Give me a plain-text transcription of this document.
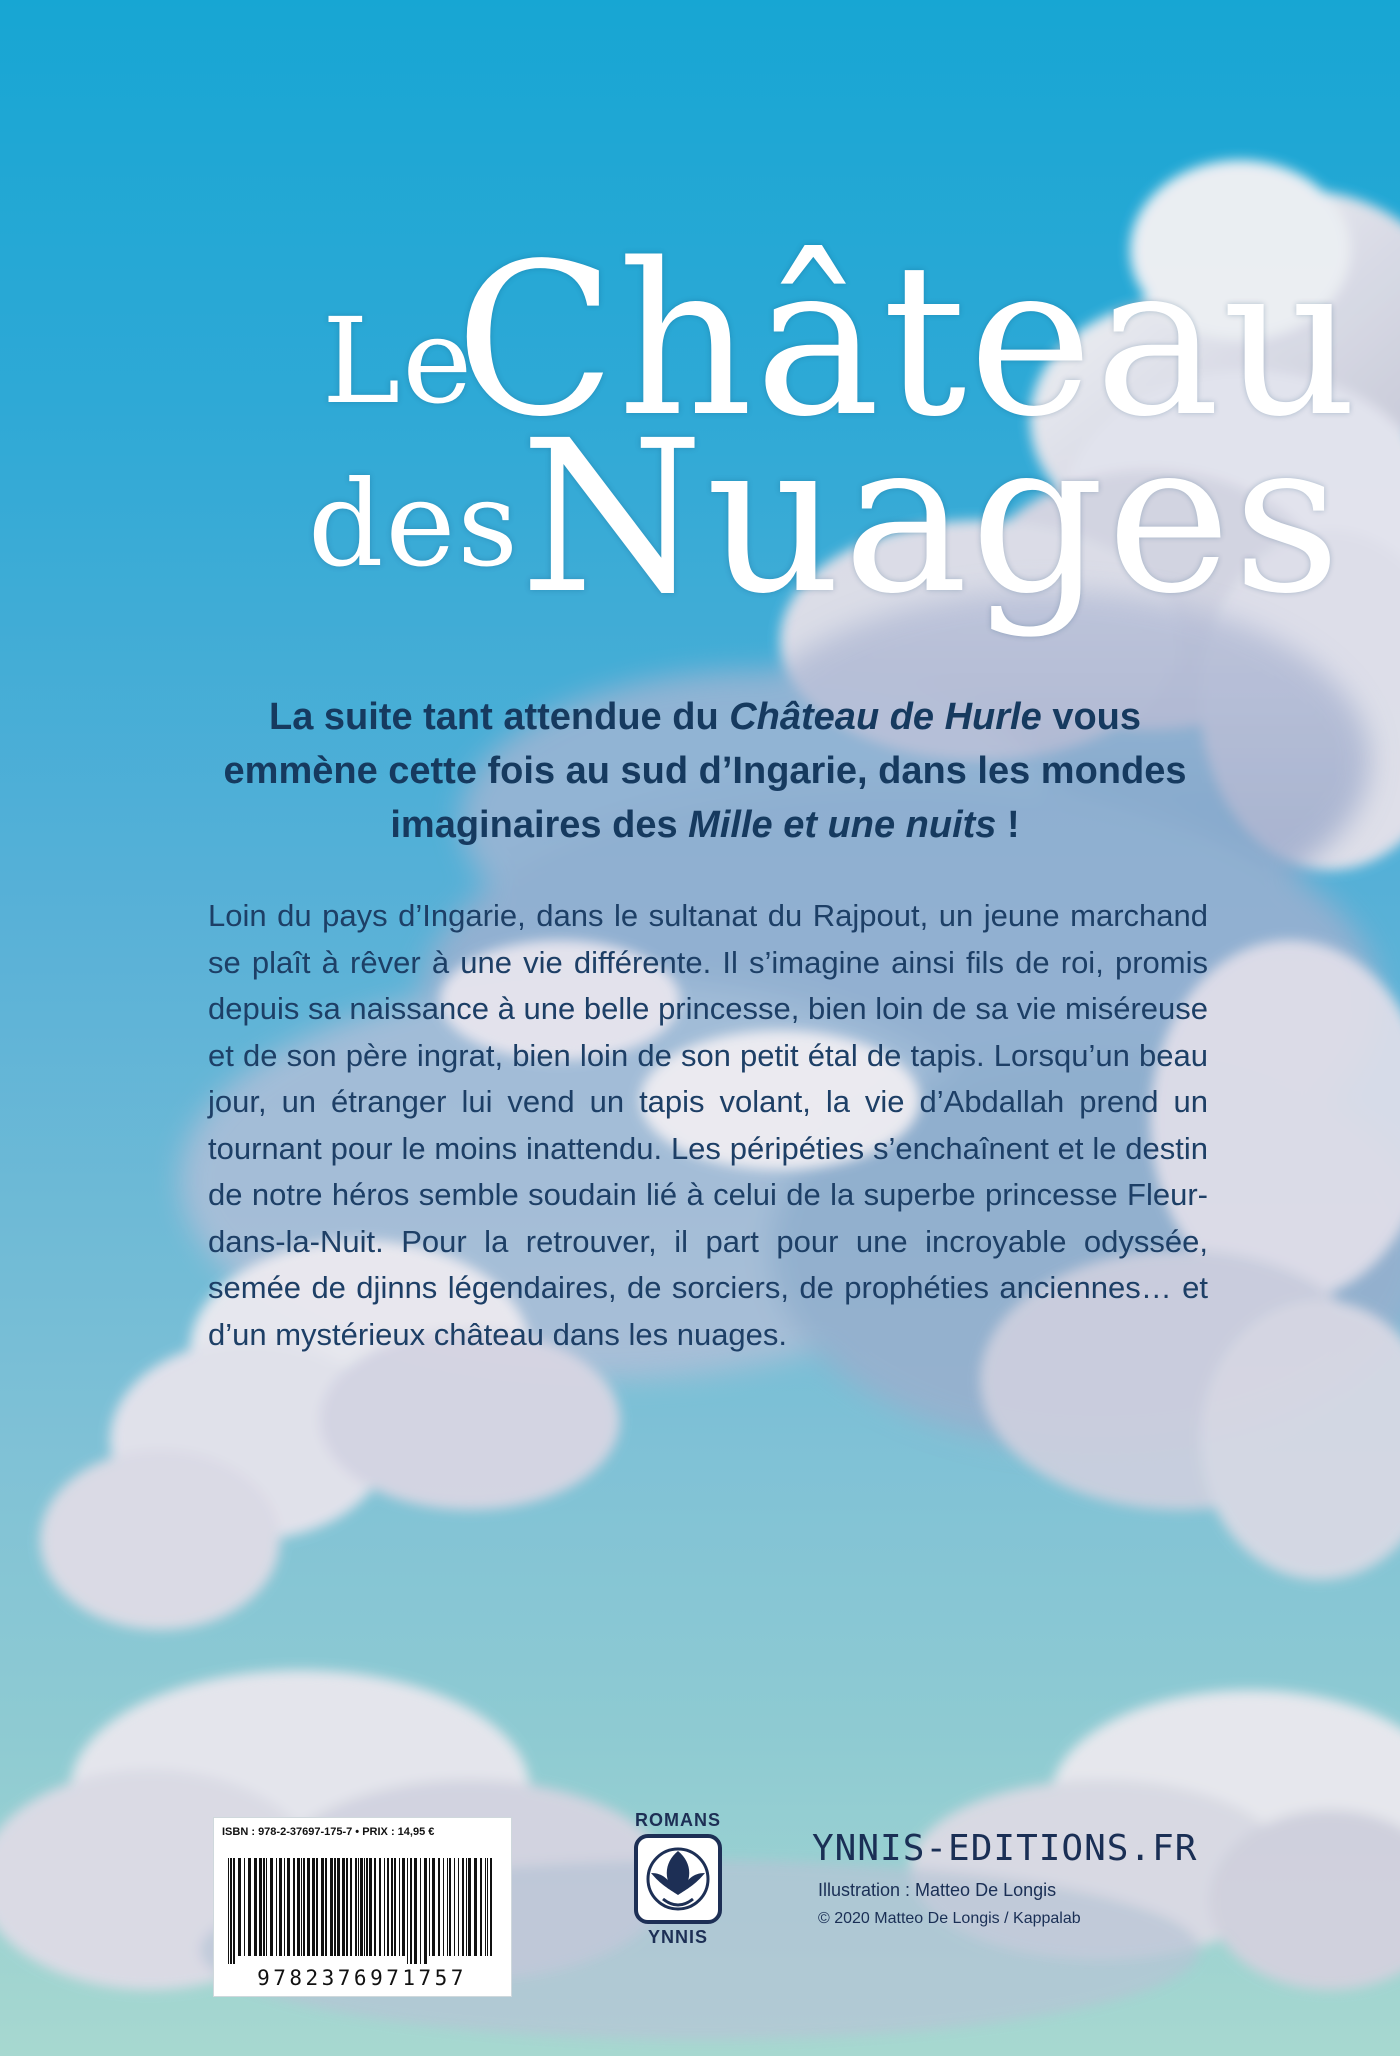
Le
Château
des Nuages
La suite tant attendue du Château de Hurle vous emmène cette fois au sud d’Ingarie, dans les mondes imaginaires des Mille et une nuits !
Loin du pays d’Ingarie, dans le sultanat du Rajpout, un jeune marchand se plaît à rêver à une vie différente. Il s’imagine ainsi fils de roi, promis depuis sa naissance à une belle princesse, bien loin de sa vie miséreuse et de son père ingrat, bien loin de son petit étal de tapis. Lorsqu’un beau jour, un étranger lui vend un tapis volant, la vie d’Abdallah prend un tournant pour le moins inattendu. Les péripéties s’enchaînent et le destin de notre héros semble soudain lié à celui de la superbe princesse Fleur-dans-la-Nuit. Pour la retrouver, il part pour une incroyable odyssée, semée de djinns légendaires, de sorciers, de prophéties anciennes… et d’un mystérieux château dans les nuages.
ISBN : 978-2-37697-175-7 • PRIX : 14,95 €
9782376971757
ROMANS
YNNIS
YNNIS-EDITIONS.FR
Illustration : Matteo De Longis
© 2020 Matteo De Longis / Kappalab
